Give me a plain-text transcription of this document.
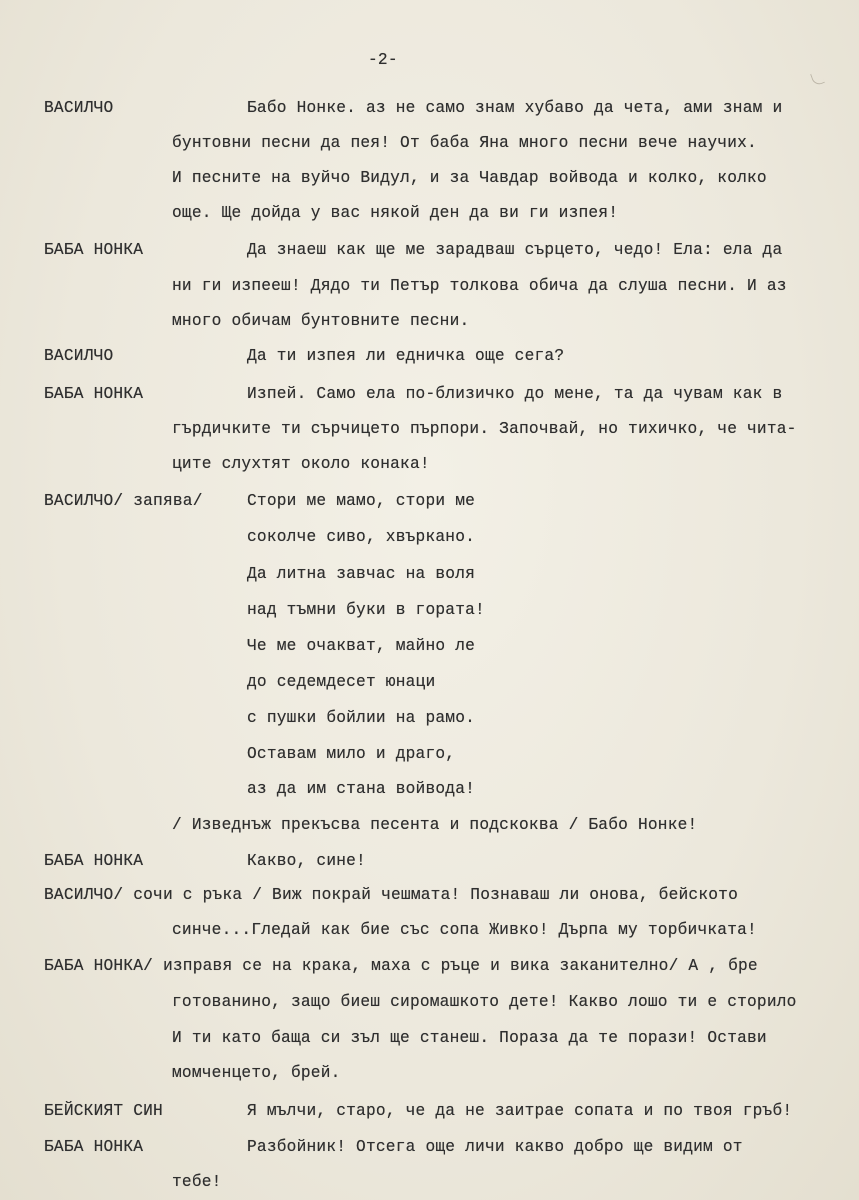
-2-
ВАСИЛЧО	Бабо Нонке. аз не само знам хубаво да чета, ами знам и
бунтовни песни да пея! От баба Яна много песни вече научих.
И песните на вуйчо Видул, и за Чавдар войвода и колко, колко
още. Ще дойда у вас някой ден да ви ги изпея!
БАБА НОНКА	Да знаеш как ще ме зарадваш сърцето, чедо! Ела: ела да
ни ги изпееш! Дядо ти Петър толкова обича да слуша песни. И аз
много обичам бунтовните песни.
ВАСИЛЧО	Да ти изпея ли едничка още сега?
БАБА НОНКА	Изпей. Само ела по-близичко до мене, та да чувам как в
гърдичките ти сърчицето пърпори. Започвай, но тихичко, че чита-
ците слухтят около конака!
ВАСИЛЧО/ запява/	Стори ме мамо, стори ме
соколче сиво, хвъркано.
Да литна завчас на воля
над тъмни буки в гората!
Че ме очакват, майно ле
до седемдесет юнаци
с пушки бойлии на рамо.
Оставам мило и драго,
аз да им стана войвода!
/ Изведнъж прекъсва песента и подскоква / Бабо Нонке!
БАБА НОНКА	Какво, сине!
ВАСИЛЧО/ сочи с ръка / Виж покрай чешмата! Познаваш ли онова, бейското
синче...Гледай как бие със сопа Живко! Дърпа му торбичката!
БАБА НОНКА/ изправя се на крака, маха с ръце и вика заканително/ А , бре
готованино, защо биеш сиромашкото дете! Какво лошо ти е сторило
И ти като баща си зъл ще станеш. Пораза да те порази! Остави
момченцето, брей.
БЕЙСКИЯТ СИН	Я мълчи, старо, че да не заитрае сопата и по твоя гръб!
БАБА НОНКА	Разбойник! Отсега още личи какво добро ще видим от
тебе!
